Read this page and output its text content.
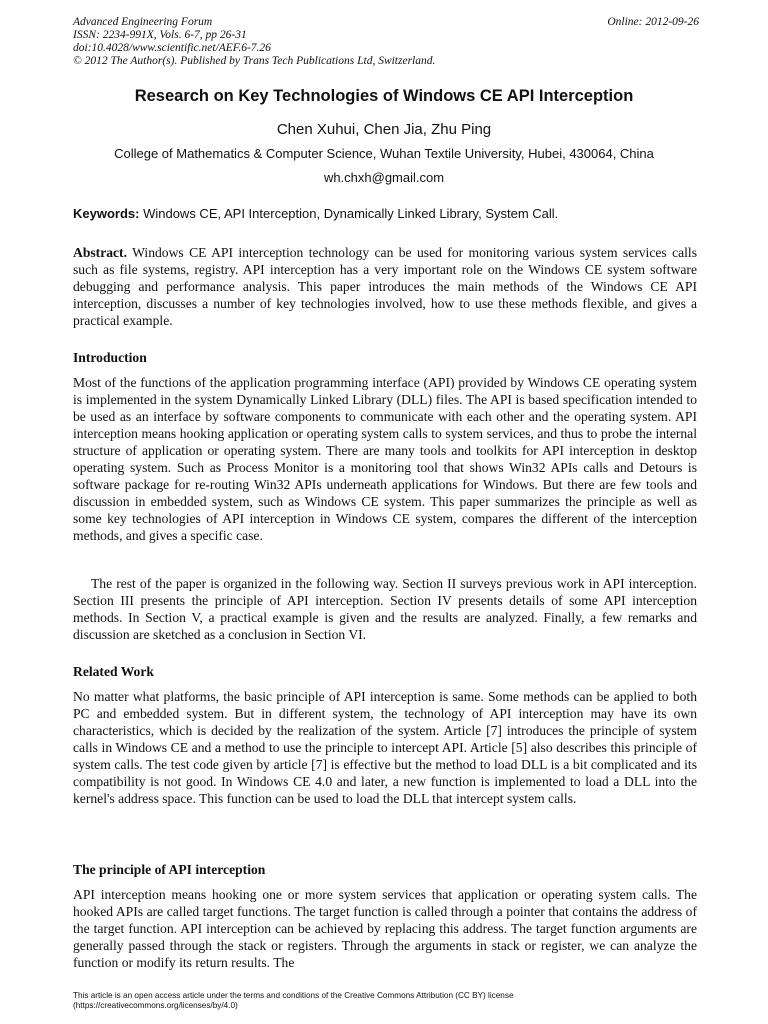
Advanced Engineering Forum
ISSN: 2234-991X, Vols. 6-7, pp 26-31
doi:10.4028/www.scientific.net/AEF.6-7.26
© 2012 The Author(s). Published by Trans Tech Publications Ltd, Switzerland.
Online: 2012-09-26
Research on Key Technologies of Windows CE API Interception
Chen Xuhui, Chen Jia, Zhu Ping
College of Mathematics & Computer Science, Wuhan Textile University, Hubei, 430064, China
wh.chxh@gmail.com
Keywords: Windows CE, API Interception, Dynamically Linked Library, System Call.
Abstract. Windows CE API interception technology can be used for monitoring various system services calls such as file systems, registry. API interception has a very important role on the Windows CE system software debugging and performance analysis. This paper introduces the main methods of the Windows CE API interception, discusses a number of key technologies involved, how to use these methods flexible, and gives a practical example.
Introduction
Most of the functions of the application programming interface (API) provided by Windows CE operating system is implemented in the system Dynamically Linked Library (DLL) files. The API is based specification intended to be used as an interface by software components to communicate with each other and the operating system. API interception means hooking application or operating system calls to system services, and thus to probe the internal structure of application or operating system. There are many tools and toolkits for API interception in desktop operating system. Such as Process Monitor is a monitoring tool that shows Win32 APIs calls and Detours is software package for re-routing Win32 APIs underneath applications for Windows. But there are few tools and discussion in embedded system, such as Windows CE system. This paper summarizes the principle as well as some key technologies of API interception in Windows CE system, compares the different of the interception methods, and gives a specific case.
The rest of the paper is organized in the following way. Section II surveys previous work in API interception. Section III presents the principle of API interception. Section IV presents details of some API interception methods. In Section V, a practical example is given and the results are analyzed. Finally, a few remarks and discussion are sketched as a conclusion in Section VI.
Related Work
No matter what platforms, the basic principle of API interception is same. Some methods can be applied to both PC and embedded system. But in different system, the technology of API interception may have its own characteristics, which is decided by the realization of the system. Article [7] introduces the principle of system calls in Windows CE and a method to use the principle to intercept API. Article [5] also describes this principle of system calls. The test code given by article [7] is effective but the method to load DLL is a bit complicated and its compatibility is not good. In Windows CE 4.0 and later, a new function is implemented to load a DLL into the kernel's address space. This function can be used to load the DLL that intercept system calls.
The principle of API interception
API interception means hooking one or more system services that application or operating system calls. The hooked APIs are called target functions. The target function is called through a pointer that contains the address of the target function. API interception can be achieved by replacing this address. The target function arguments are generally passed through the stack or registers. Through the arguments in stack or register, we can analyze the function or modify its return results. The
This article is an open access article under the terms and conditions of the Creative Commons Attribution (CC BY) license
(https://creativecommons.org/licenses/by/4.0)
